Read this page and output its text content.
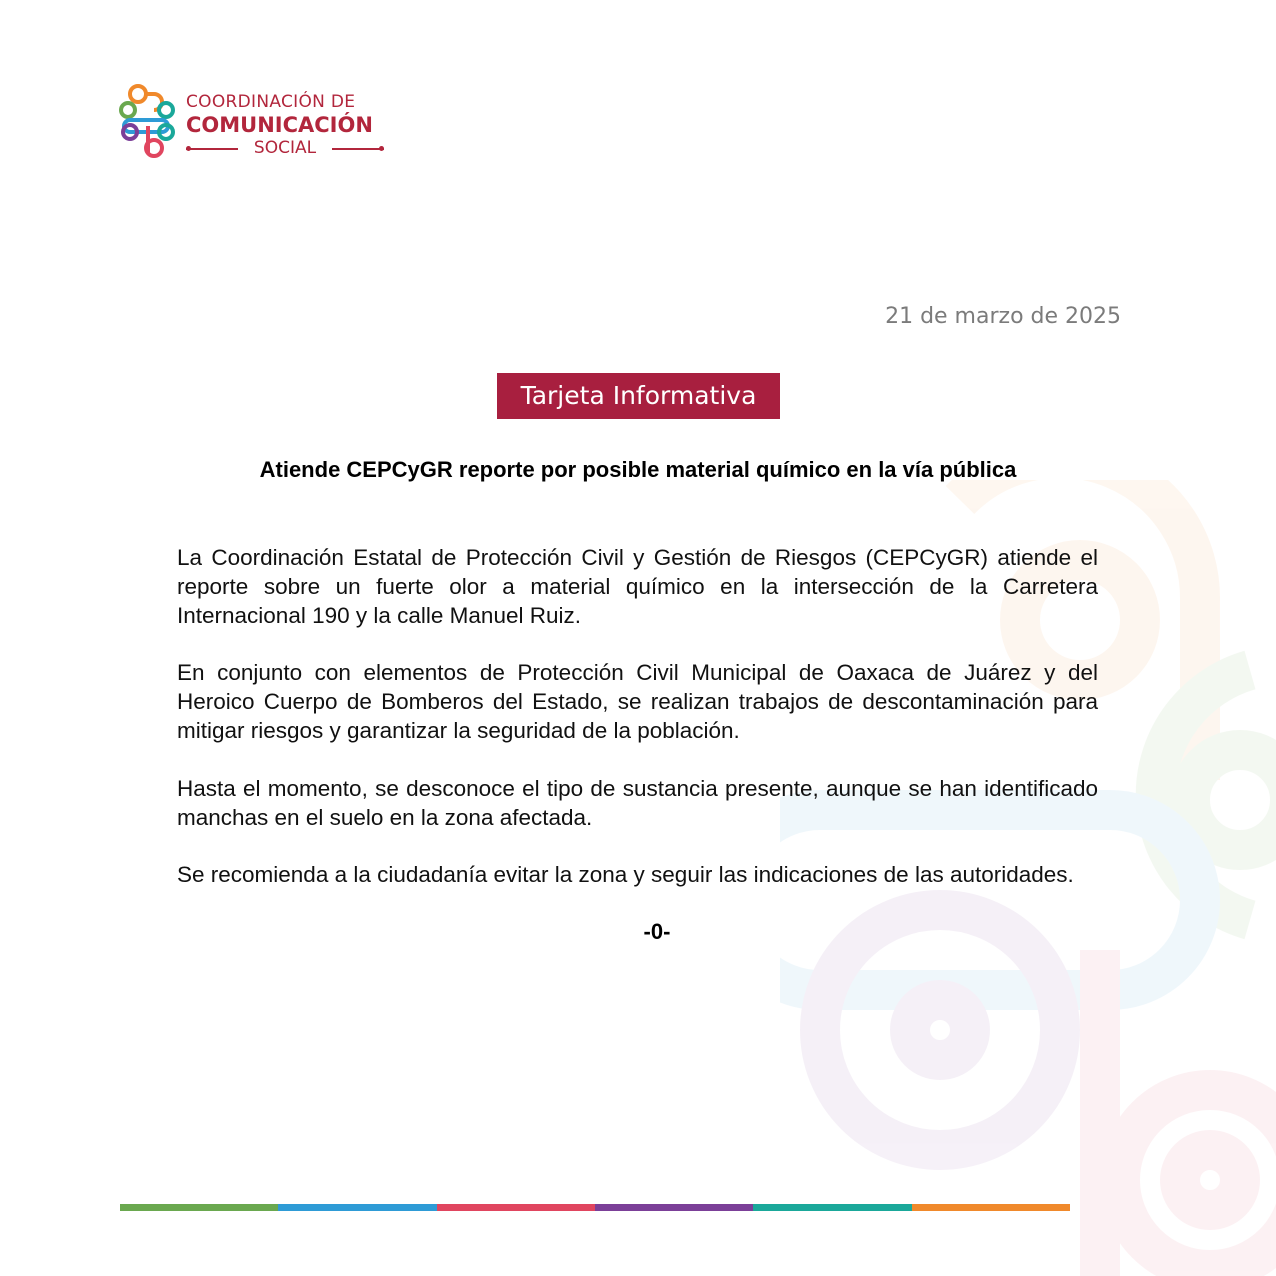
COORDINACIÓN DE
COMUNICACIÓN
SOCIAL
21 de marzo de 2025
Tarjeta Informativa
Atiende CEPCyGR reporte por posible material químico en la vía pública

La Coordinación Estatal de Protección Civil y Gestión de Riesgos (CEPCyGR) atiende el reporte sobre un fuerte olor a material químico en la intersección de la Carretera Internacional 190 y la calle Manuel Ruiz.

En conjunto con elementos de Protección Civil Municipal de Oaxaca de Juárez y del Heroico Cuerpo de Bomberos del Estado, se realizan trabajos de descontaminación para mitigar riesgos y garantizar la seguridad de la población.

Hasta el momento, se desconoce el tipo de sustancia presente, aunque se han identificado manchas en el suelo en la zona afectada.

Se recomienda a la ciudadanía evitar la zona y seguir las indicaciones de las autoridades.

-0-
